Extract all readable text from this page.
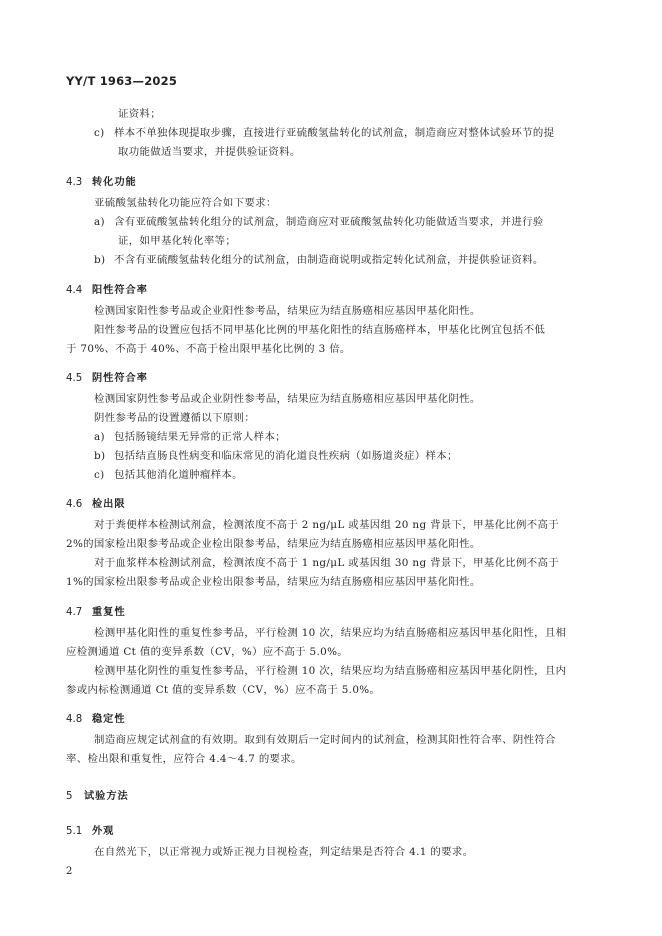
YY/T 1963—2025
证资料；
c) 样本不单独体现提取步骤，直接进行亚硫酸氢盐转化的试剂盒，制造商应对整体试验环节的提
取功能做适当要求，并提供验证资料。
4.3 转化功能
亚硫酸氢盐转化功能应符合如下要求：
a) 含有亚硫酸氢盐转化组分的试剂盒，制造商应对亚硫酸氢盐转化功能做适当要求，并进行验
证，如甲基化转化率等；
b) 不含有亚硫酸氢盐转化组分的试剂盒，由制造商说明或指定转化试剂盒，并提供验证资料。
4.4 阳性符合率
检测国家阳性参考品或企业阳性参考品，结果应为结直肠癌相应基因甲基化阳性。
阳性参考品的设置应包括不同甲基化比例的甲基化阳性的结直肠癌样本，甲基化比例宜包括不低
于 70%、不高于 40%、不高于检出限甲基化比例的 3 倍。
4.5 阴性符合率
检测国家阴性参考品或企业阴性参考品，结果应为结直肠癌相应基因甲基化阴性。
阴性参考品的设置遵循以下原则：
a) 包括肠镜结果无异常的正常人样本；
b) 包括结直肠良性病变和临床常见的消化道良性疾病（如肠道炎症）样本；
c) 包括其他消化道肿瘤样本。
4.6 检出限
对于粪便样本检测试剂盒，检测浓度不高于 2 ng/μL 或基因组 20 ng 背景下，甲基化比例不高于
2%的国家检出限参考品或企业检出限参考品，结果应为结直肠癌相应基因甲基化阳性。
对于血浆样本检测试剂盒，检测浓度不高于 1 ng/μL 或基因组 30 ng 背景下，甲基化比例不高于
1%的国家检出限参考品或企业检出限参考品，结果应为结直肠癌相应基因甲基化阳性。
4.7 重复性
检测甲基化阳性的重复性参考品，平行检测 10 次，结果应均为结直肠癌相应基因甲基化阳性，且相
应检测通道 Ct 值的变异系数（CV，%）应不高于 5.0%。
检测甲基化阴性的重复性参考品，平行检测 10 次，结果应均为结直肠癌相应基因甲基化阴性，且内
参或内标检测通道 Ct 值的变异系数（CV，%）应不高于 5.0%。
4.8 稳定性
制造商应规定试剂盒的有效期。取到有效期后一定时间内的试剂盒，检测其阳性符合率、阴性符合
率、检出限和重复性，应符合 4.4～4.7 的要求。
5 试验方法
5.1 外观
在自然光下，以正常视力或矫正视力目视检查，判定结果是否符合 4.1 的要求。
2
